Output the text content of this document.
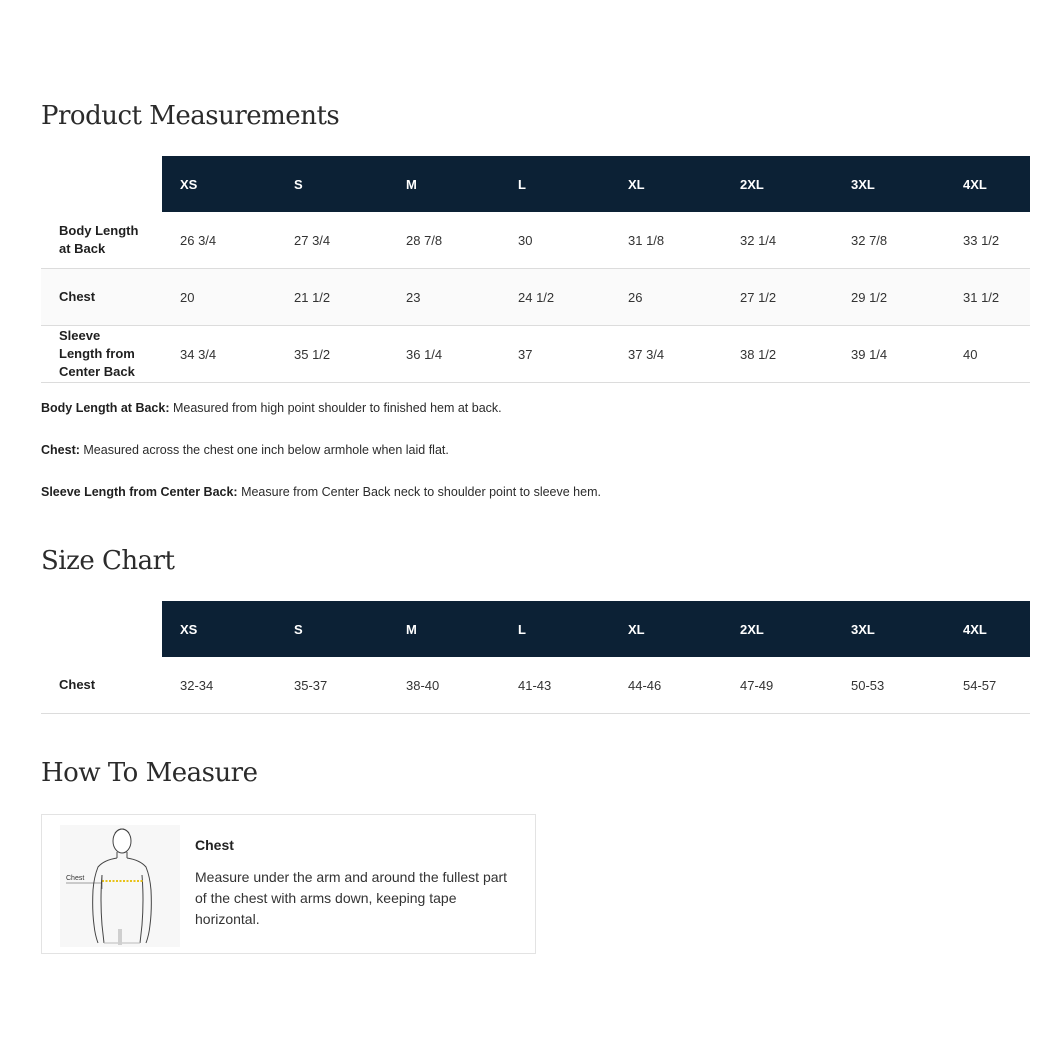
Product Measurements
	XS	S	M	L	XL	2XL	3XL	4XL
Body Length at Back	26 3/4	27 3/4	28 7/8	30	31 1/8	32 1/4	32 7/8	33 1/2
Chest	20	21 1/2	23	24 1/2	26	27 1/2	29 1/2	31 1/2
Sleeve Length from Center Back	34 3/4	35 1/2	36 1/4	37	37 3/4	38 1/2	39 1/4	40

Body Length at Back: Measured from high point shoulder to finished hem at back.

Chest: Measured across the chest one inch below armhole when laid flat.

Sleeve Length from Center Back: Measure from Center Back neck to shoulder point to sleeve hem.

Size Chart
	XS	S	M	L	XL	2XL	3XL	4XL
Chest	32-34	35-37	38-40	41-43	44-46	47-49	50-53	54-57
How To Measure
Chest
Chest
Measure under the arm and around the fullest part of the chest with arms down, keeping tape horizontal.
